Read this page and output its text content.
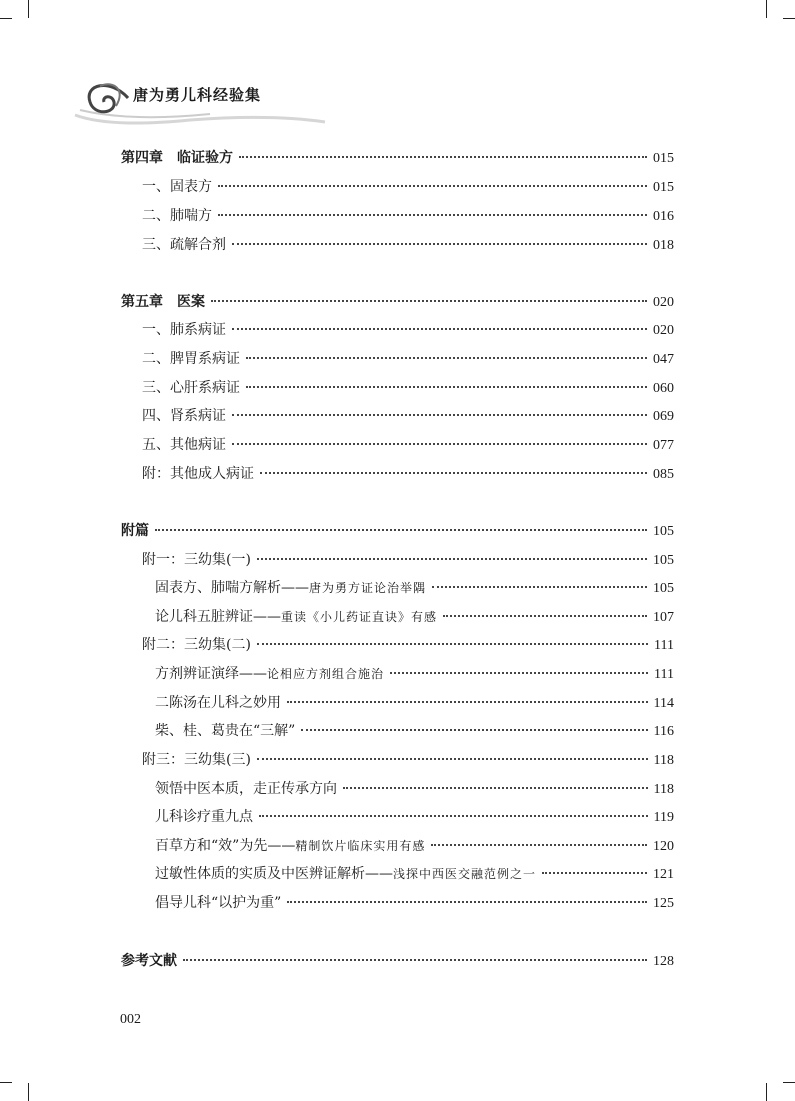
唐为勇儿科经验集
第四章　临证验方	015
一、固表方	015
二、肺喘方	016
三、疏解合剂	018
第五章　医案	020
一、肺系病证	020
二、脾胃系病证	047
三、心肝系病证	060
四、肾系病证	069
五、其他病证	077
附：其他成人病证	085
附篇	105
附一：三幼集(一)	105
固表方、肺喘方解析—— 唐为勇方证论治举隅	105
论儿科五脏辨证—— 重读《小儿药证直诀》有感	107
附二：三幼集(二)	111
方剂辨证演绎—— 论相应方剂组合施治	111
二陈汤在儿科之妙用	114
柴、桂、葛贵在“三解”	116
附三：三幼集(三)	118
领悟中医本质，走正传承方向	118
儿科诊疗重九点	119
百草方和“效”为先—— 精制饮片临床实用有感	120
过敏性体质的实质及中医辨证解析—— 浅探中西医交融范例之一	121
倡导儿科“以护为重”	125
参考文献	128
002
